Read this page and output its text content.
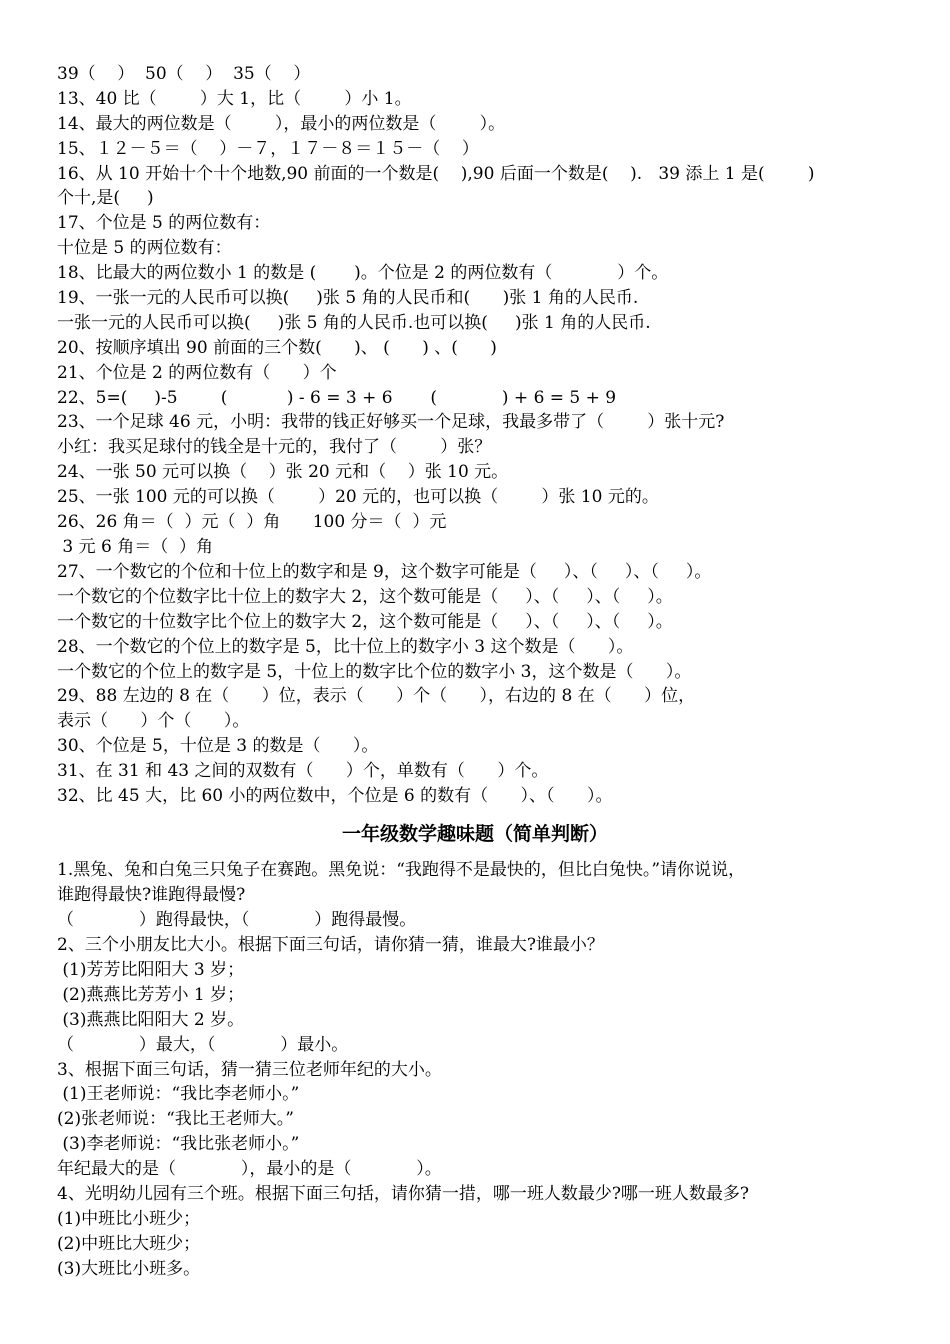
39（    ）  50（    ）  35（    ）
13、40 比（        ）大 1，比（        ）小 1。
14、最大的两位数是（        ），最小的两位数是（        ）。
15、１２－５＝（    ）－７，１７－８＝１５－（    ）
16、从 10 开始十个十个地数,90 前面的一个数是(    ),90 后面一个数是(    ).   39 添上 1 是(        )
个十,是(     )
17、个位是 5 的两位数有：
十位是 5 的两位数有：
18、比最大的两位数小 1 的数是 (       )。个位是 2 的两位数有（            ）个。
19、一张一元的人民币可以换(     )张 5 角的人民币和(      )张 1 角的人民币.
一张一元的人民币可以换(     )张 5 角的人民币.也可以换(     )张 1 角的人民币.
20、按顺序填出 90 前面的三个数(      )、 (      ) 、(      )
21、个位是 2 的两位数有（      ）个
22、5=(     )-5        (           ) - 6 = 3 + 6       (            ) + 6 = 5 + 9
23、一个足球 46 元，小明：我带的钱正好够买一个足球，我最多带了（        ）张十元?
小红：我买足球付的钱全是十元的，我付了（        ）张？
24、一张 50 元可以换（    ）张 20 元和（    ）张 10 元。
25、一张 100 元的可以换（        ）20 元的，也可以换（        ）张 10 元的。
26、26 角＝（  ）元（  ）角      100 分＝（  ）元
3 元 6 角＝（  ）角
27、一个数它的个位和十位上的数字和是 9，这个数字可能是（     ）、（     ）、（     ）。
一个数它的个位数字比十位上的数字大 2，这个数可能是（     ）、（     ）、（     ）。
一个数它的十位数字比个位上的数字大 2，这个数可能是（     ）、（     ）、（     ）。
28、一个数它的个位上的数字是 5，比十位上的数字小 3 这个数是（      ）。
一个数它的个位上的数字是 5，十位上的数字比个位的数字小 3，这个数是（      ）。
29、88 左边的 8 在（      ）位，表示（      ）个（      ），右边的 8 在（      ）位，
表示（      ）个（      ）。
30、个位是 5，十位是 3 的数是（      ）。
31、在 31 和 43 之间的双数有（      ）个，单数有（      ）个。
32、比 45 大，比 60 小的两位数中，个位是 6 的数有（      ）、（      ）。
一年级数学趣味题（简单判断）
1.黑兔、兔和白兔三只兔子在赛跑。黑免说：“我跑得不是最快的，但比白兔快。”请你说说，
谁跑得最快?谁跑得最慢?
（            ）跑得最快，（            ）跑得最慢。
2、三个小朋友比大小。根据下面三句话，请你猜一猜，谁最大?谁最小？
(1)芳芳比阳阳大 3 岁；
(2)燕燕比芳芳小 1 岁；
(3)燕燕比阳阳大 2 岁。
（            ）最大，（            ）最小。
3、根据下面三句话，猜一猜三位老师年纪的大小。
(1)王老师说：“我比李老师小。”
(2)张老师说：“我比王老师大。”
(3)李老师说：“我比张老师小。”
年纪最大的是（            ），最小的是（            ）。
4、光明幼儿园有三个班。根据下面三句括，请你猜一措，哪一班人数最少?哪一班人数最多?
(1)中班比小班少；
(2)中班比大班少；
(3)大班比小班多。
